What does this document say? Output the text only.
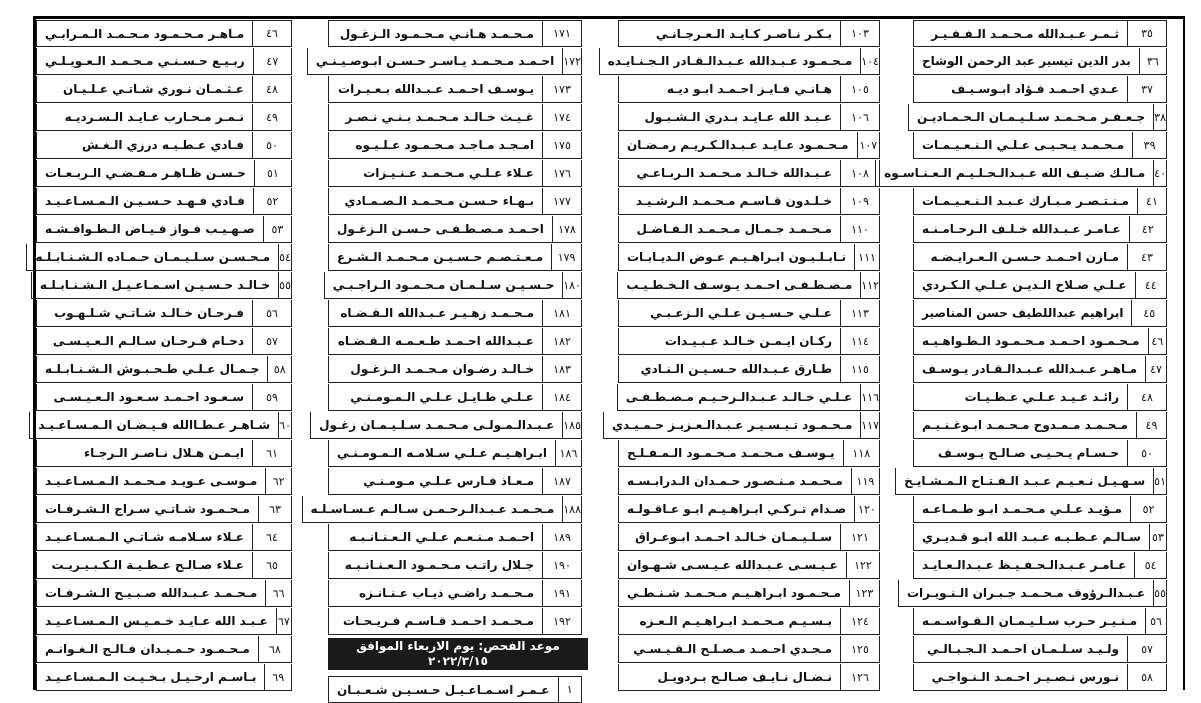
٣٥
ثـمـر عـبـدالله مـحـمـد الـفـقـيـر
٣٦
بدر الدين تيسير عبد الرحمن الوشاح
٣٧
عـدي احـمـد فـؤاد ابـوسـيـف
٣٨
جـعـفـر مـحـمـد سـلـيـمـان الـحـمـاديـن
٣٩
مـحـمـد يـحـيـى عـلـي الـنـعـيـمـات
٤٠
مـالـك ضـيـف الله عـبـدالـحـلـيـم الـعـنـاسـوه
٤١
مـنـتـصـر مـبـارك عـبـد الـنـعـيـمـات
٤٢
عـامـر عـبـدالله خـلـف الـرحـامـنـه
٤٣
مـازن احـمـد حـسـن الـعـرايـضـه
٤٤
عـلـي صـلاح الـديـن عـلـي الـكـردي
٤٥
ابراهيم عبداللطيف حسن المناصير
٤٦
مـحـمـود احـمـد مـحـمـود الـطـواهـيـه
٤٧
مـاهـر عـبـدالله عـبـدالـقـادر يـوسـف
٤٨
رائـد عـيـد عـلـي عـطـيـات
٤٩
مـحـمـد مـمـدوح مـحـمـد ابـوغـنـيـم
٥٠
حـسـام يـحـيـى صـالـح يـوسـف
٥١
سـهـيـل نـعـيـم عـبـد الـفـتـاح الـمـشـايـخ
٥٢
مـؤيـد عـلـي مـحـمـد ابـو طـمـاعـه
٥٣
سـالـم عـطـيـه عـبـد الله ابـو قـديـري
٥٤
عـامـر عـبـدالـحـفـيـظ عـبـدالـعـايـد
٥٥
عـبـدالـرؤوف مـحـمـد جـبـران الـنـويـرات
٥٦
مـنـيـر حـرب سـلـيـمـان الـقـواسـمـه
٥٧
ولـيـد سـلـمـان احـمـد الـجـبـالـي
٥٨
نـورس نـصـيـر احـمـد الـنـواجـي
١٠٣
بـكـر نـاصـر كـايـد الـعـرجـانـي
١٠٤
مـحـمـود عـبـدالله عـبـدالـقـادر الـجـنـايـده
١٠٥
هـانـي فـايـز احـمـد ابـو ديـه
١٠٦
عـبـد الله عـايـد بـدري الـشـبـول
١٠٧
مـحـمـود عـايـد عـبـدالـكـريـم رمـضـان
١٠٨
عـبـدالله خـالـد مـحـمـد الـربـاعـي
١٠٩
خـلـدون قـاسـم مـحـمـد الـرشـيـد
١١٠
مـحـمـد جـمـال مـحـمـد الـفـاضـل
١١١
نـابـلـيـون ابـراهـيـم عـوض الـديـابـات
١١٢
مـصـطـفـى احـمـد يـوسـف الـخـطـيـب
١١٣
عـلـي حـسـيـن عـلـي الـزعـبـي
١١٤
ركـان ايـمـن خـالـد عـبـيـدات
١١٥
طـارق عـبـدالله حـسـيـن الـنـادي
١١٦
عـلـي خـالـد عـبـدالـرحـيـم مـصـطـفـى
١١٧
مـحـمـود تـيـسـيـر عـبـدالـعـزيـز حـمـيـدي
١١٨
يـوسـف مـحـمـد مـحـمـود الـمـفـلـح
١١٩
مـحـمـد مـنـصـور حـمـدان الـدرابـسـه
١٢٠
صـدام تـركـي ابـراهـيـم ابـو عـاقـولـه
١٢١
سـلـيـمـان خـالـد احـمـد ابـوعـراق
١٢٢
عـيـسـى عـبـدالله عـيـسـى شـهـوان
١٢٣
مـحـمـود ابـراهـيـم مـحـمـد شـنـطـي
١٢٤
بـسـيـم مـحـمـد ابـراهـيـم الـعـزه
١٢٥
مـجـدي احـمـد مـصـلـح الـقـيـسـي
١٢٦
نـضـال نـايـف صـالـح بـردويـل
١٧١
مـحـمـد هـانـي مـحـمـود الـزغـول
١٧٢
احـمـد مـحـمـد يـاسـر حـسـن ابـوصـيـنـي
١٧٣
يـوسـف احـمـد عـبـدالله بـعـيـرات
١٧٤
غـيـث خـالـد مـحـمـد بـنـي نـصـر
١٧٥
امـجـد مـاجـد مـحـمـود عـلـيـوه
١٧٦
عـلاء عـلـي مـحـمـد عـنـيـزات
١٧٧
بـهـاء حـسـن مـحـمـد الـصـمـادي
١٧٨
احـمـد مـصـطـفـى حـسـن الـزغـول
١٧٩
مـعـتـصـم حـسـيـن مـحـمـد الـشـرع
١٨٠
حـسـيـن سـلـمـان مـحـمـود الـراجـبـي
١٨١
مـحـمـد زهـيـر عـبـدالله الـقـضـاه
١٨٢
عـبـدالله احـمـد طـعـمـه الـقـضـاه
١٨٣
خـالـد رضـوان مـحـمـد الـزغـول
١٨٤
عـلـي طـايـل عـلـي الـمـومـنـي
١٨٥
عـبـدالـمـولـى مـحـمـد سـلـيـمـان زغـول
١٨٦
ابـراهـيـم عـلـي سـلامـه الـمـومـنـي
١٨٧
مـعـاذ فـارس عـلـي مـومـنـي
١٨٨
مـحـمـد عـبـدالـرحـمـن سـالـم عـسـاسـلـه
١٨٩
احـمـد مـنـعـم عـلـي الـعـنـانـبـه
١٩٠
جـلال راتـب مـحـمـود الـعـنـانـبـه
١٩١
مـحـمـد راضـي ذيـاب عـنـانـزه
١٩٢
مـحـمـد احـمـد قـاسـم فـريـحـات
موعد الفحص: يوم الاربعاء الموافق ٢٠٢٢/٣/١٥
١
عـمـر اسـمـاعـيـل حـسـيـن شـعـبـان
٤٦
مـاهـر مـحـمـود مـحـمـد الـمـرابـي
٤٧
ربـيـع حـسـنـي مـحـمـد الـعـويـلـي
٤٨
عـثـمـان نـوري شـاتـي عـلـيـان
٤٩
نـمـر مـحـارب عـايـد الـسـرديـه
٥٠
فـادي عـطـيـه درزي الـغـش
٥١
حـسـن ظـاهـر مـفـضـي الـربـعـات
٥٢
فـادي فـهـد حـسـيـن الـمـسـاعـيـد
٥٣
صـهـيـب فـواز فـيـاض الـطـوافـشـه
٥٤
مـحـسـن سـلـيـمـان حـمـاده الـشـنـابـلـه
٥٥
خـالـد حـسـيـن اسـمـاعـيـل الـشـنـابـلـه
٥٦
فـرحـان خـالـد شـاتـي شـلـهـوب
٥٧
دحـام فـرحـان سـالـم الـعـيـسـى
٥٨
جـمـال عـلـي طـحـبـوش الـشـنـابـلـه
٥٩
سـعـود احـمـد سـعـود الـعـيـسـى
٦٠
شـاهـر عـطـاالله فـيـضـان الـمـسـاعـيـد
٦١
ايـمـن هـلال نـاصـر الـرجـاء
٦٢
مـوسـى عـويـد مـحـمـد الـمـسـاعـيـد
٦٣
مـحـمـود شـاتـي سـراج الـشـرفـات
٦٤
عـلاء سـلامـه شـاتـي الـمـسـاعـيـد
٦٥
عـلاء صـالـح عـطـيـة الـكـبـيـريـت
٦٦
مـحـمـد عـبـدالله صـبـيـح الـشـرفـات
٦٧
عـبـد الله عـايـد خـمـيـس الـمـسـاعـيـد
٦٨
مـحـمـود حـمـيـدان فـالـح الـغـوانـم
٦٩
بـاسـم ارحـيـل بـخـيـت الـمـسـاعـيـد
